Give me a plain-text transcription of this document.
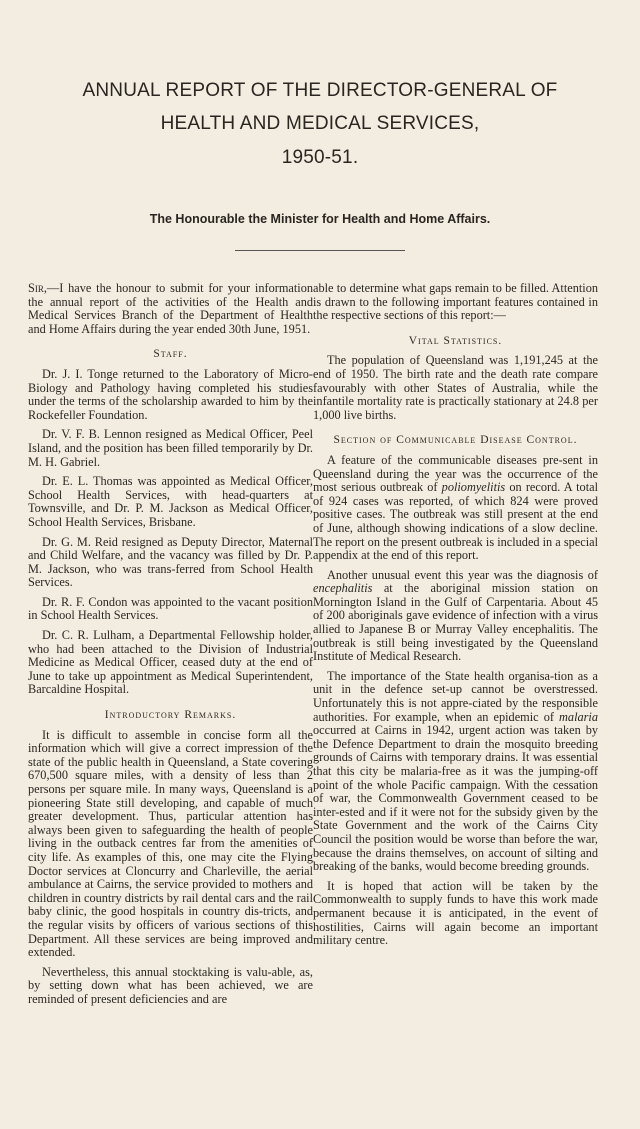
ANNUAL REPORT OF THE DIRECTOR-GENERAL OF
HEALTH AND MEDICAL SERVICES,
1950-51.
The Honourable the Minister for Health and Home Affairs.

Sir,—I have the honour to submit for your information the annual report of the activities of the Health and Medical Services Branch of the Department of Health and Home Affairs during the year ended 30th June, 1951.

Staff.

Dr. J. I. Tonge returned to the Laboratory of Micro-Biology and Pathology having completed his studies under the terms of the scholarship awarded to him by the Rockefeller Foundation.

Dr. V. F. B. Lennon resigned as Medical Officer, Peel Island, and the position has been filled temporarily by Dr. M. H. Gabriel.

Dr. E. L. Thomas was appointed as Medical Officer, School Health Services, with head-quarters at Townsville, and Dr. P. M. Jackson as Medical Officer, School Health Services, Brisbane.

Dr. G. M. Reid resigned as Deputy Director, Maternal and Child Welfare, and the vacancy was filled by Dr. P. M. Jackson, who was trans-ferred from School Health Services.

Dr. R. F. Condon was appointed to the vacant position in School Health Services.

Dr. C. R. Lulham, a Departmental Fellowship holder, who had been attached to the Division of Industrial Medicine as Medical Officer, ceased duty at the end of June to take up appointment as Medical Superintendent, Barcaldine Hospital.

Introductory Remarks.

It is difficult to assemble in concise form all the information which will give a correct impression of the state of the public health in Queensland, a State covering 670,500 square miles, with a density of less than 2 persons per square mile. In many ways, Queensland is a pioneering State still developing, and capable of much greater development. Thus, particular attention has always been given to safeguarding the health of people living in the outback centres far from the amenities of city life. As examples of this, one may cite the Flying Doctor services at Cloncurry and Charleville, the aerial ambulance at Cairns, the service provided to mothers and children in country districts by rail dental cars and the rail baby clinic, the good hospitals in country dis-tricts, and the regular visits by officers of various sections of this Department. All these services are being improved and extended.

Nevertheless, this annual stocktaking is valu-able, as, by setting down what has been achieved, we are reminded of present deficiencies and are

able to determine what gaps remain to be filled. Attention is drawn to the following important features contained in the respective sections of this report:—

Vital Statistics.

The population of Queensland was 1,191,245 at the end of 1950. The birth rate and the death rate compare favourably with other States of Australia, while the infantile mortality rate is practically stationary at 24.8 per 1,000 live births.

Section of Communicable Disease Control.

A feature of the communicable diseases pre-sent in Queensland during the year was the occurrence of the most serious outbreak of poliomyelitis on record. A total of 924 cases was reported, of which 824 were proved positive cases. The outbreak was still present at the end of June, although showing indications of a slow decline. The report on the present outbreak is included in a special appendix at the end of this report.

Another unusual event this year was the diagnosis of encephalitis at the aboriginal mission station on Mornington Island in the Gulf of Carpentaria. About 45 of 200 aboriginals gave evidence of infection with a virus allied to Japanese B or Murray Valley encephalitis. The outbreak is still being investigated by the Queensland Institute of Medical Research.

The importance of the State health organisa-tion as a unit in the defence set-up cannot be overstressed. Unfortunately this is not appre-ciated by the responsible authorities. For example, when an epidemic of malaria occurred at Cairns in 1942, urgent action was taken by the Defence Department to drain the mosquito breeding grounds of Cairns with temporary drains. It was essential that this city be malaria-free as it was the jumping-off point of the whole Pacific campaign. With the cessation of war, the Commonwealth Government ceased to be inter-ested and if it were not for the subsidy given by the State Government and the work of the Cairns City Council the position would be worse than before the war, because the drains themselves, on account of silting and breaking of the banks, would become breeding grounds.

It is hoped that action will be taken by the Commonwealth to supply funds to have this work made permanent because it is anticipated, in the event of hostilities, Cairns will again become an important military centre.
